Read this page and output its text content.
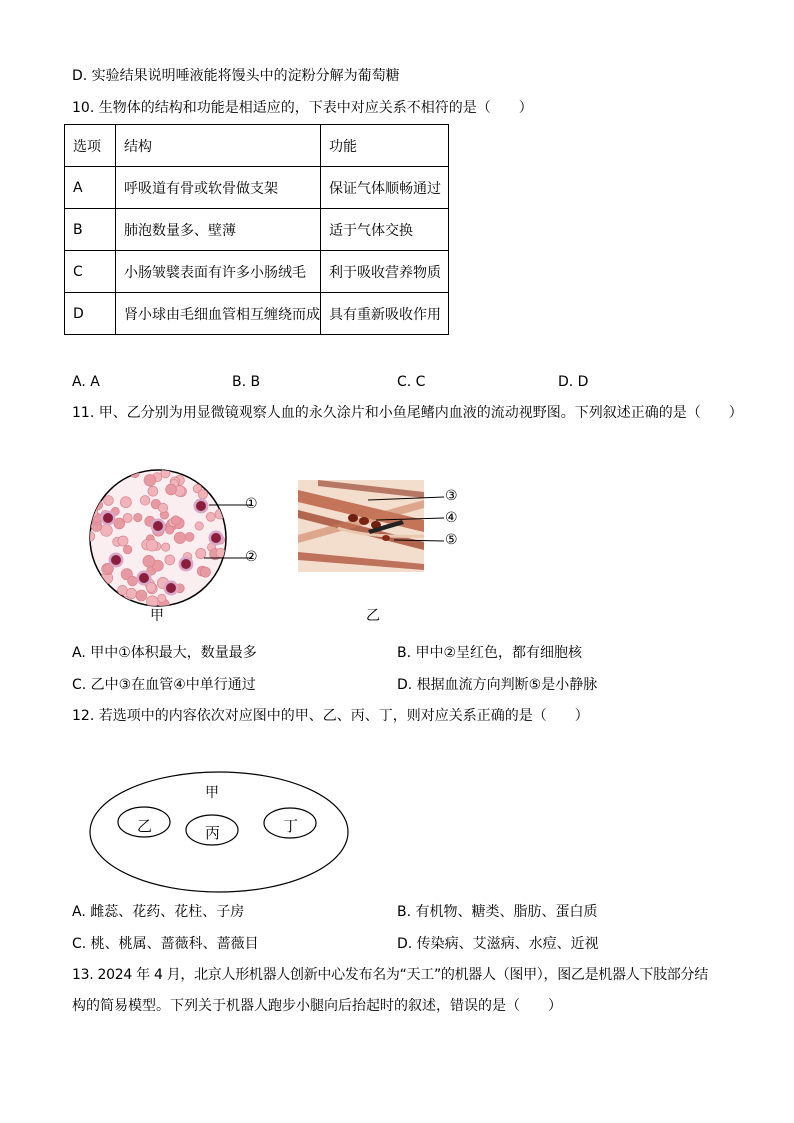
D. 实验结果说明唾液能将馒头中的淀粉分解为葡萄糖
10. 生物体的结构和功能是相适应的，下表中对应关系不相符的是（　　）
选项	结构	功能
A	呼吸道有骨或软骨做支架	保证气体顺畅通过
B	肺泡数量多、壁薄	适于气体交换
C	小肠皱襞表面有许多小肠绒毛	利于吸收营养物质
D	肾小球由毛细血管相互缠绕而成	具有重新吸收作用
A. A	B. B	C. C	D. D
11. 甲、乙分别为用显微镜观察人血的永久涂片和小鱼尾鳍内血液的流动视野图。下列叙述正确的是（　　）
①
②
甲
③
④
⑤
乙
A. 甲中①体积最大，数量最多	B. 甲中②呈红色，都有细胞核
C. 乙中③在血管④中单行通过	D. 根据血流方向判断⑤是小静脉
12. 若选项中的内容依次对应图中的甲、乙、丙、丁，则对应关系正确的是（　　）
甲
乙	丙	丁
A. 雌蕊、花药、花柱、子房	B. 有机物、糖类、脂肪、蛋白质
C. 桃、桃属、蔷薇科、蔷薇目	D. 传染病、艾滋病、水痘、近视
13. 2024 年 4 月，北京人形机器人创新中心发布名为“天工”的机器人（图甲），图乙是机器人下肢部分结
构的简易模型。下列关于机器人跑步小腿向后抬起时的叙述，错误的是（　　）
